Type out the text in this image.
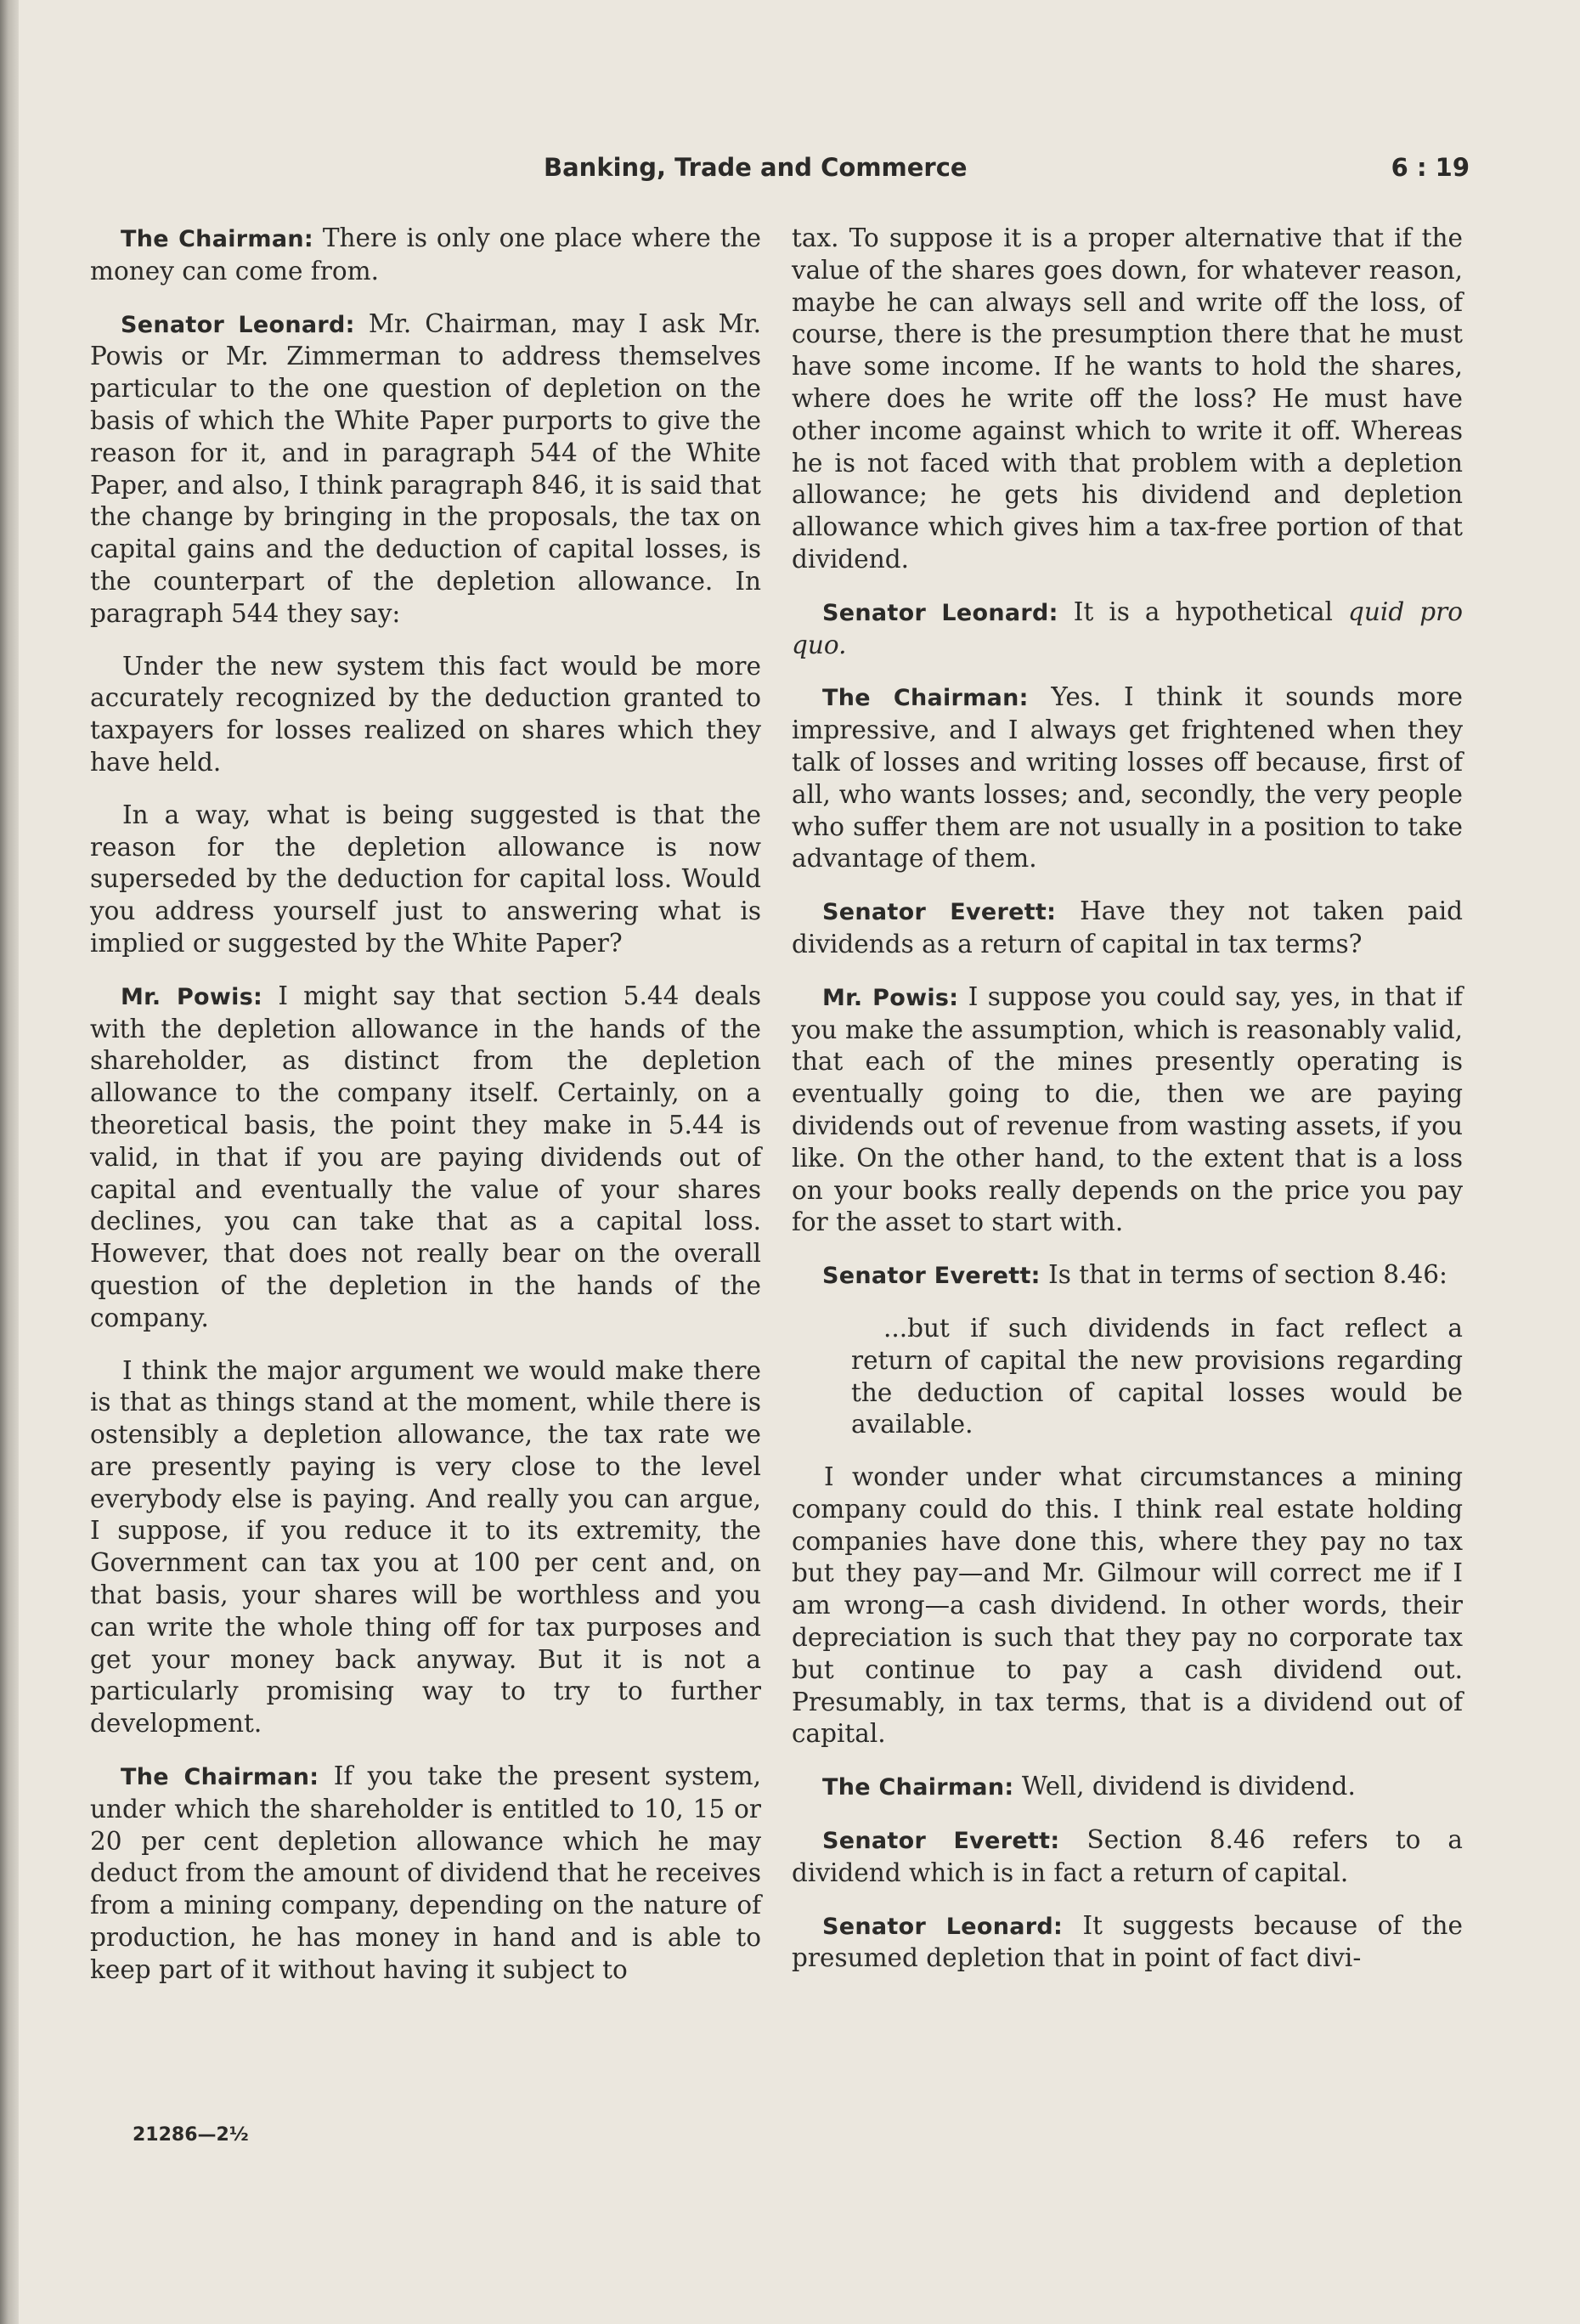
Banking, Trade and Commerce	6 : 19

The Chairman: There is only one place where the money can come from.

Senator Leonard: Mr. Chairman, may I ask Mr. Powis or Mr. Zimmerman to address themselves particular to the one question of depletion on the basis of which the White Paper purports to give the reason for it, and in paragraph 544 of the White Paper, and also, I think paragraph 846, it is said that the change by bringing in the proposals, the tax on capital gains and the deduction of capital losses, is the counterpart of the depletion allowance. In paragraph 544 they say:

Under the new system this fact would be more accurately recognized by the deduction granted to taxpayers for losses realized on shares which they have held.

In a way, what is being suggested is that the reason for the depletion allowance is now superseded by the deduction for capital loss. Would you address yourself just to answering what is implied or suggested by the White Paper?

Mr. Powis: I might say that section 5.44 deals with the depletion allowance in the hands of the shareholder, as distinct from the depletion allowance to the company itself. Certainly, on a theoretical basis, the point they make in 5.44 is valid, in that if you are paying dividends out of capital and eventually the value of your shares declines, you can take that as a capital loss. However, that does not really bear on the overall question of the depletion in the hands of the company.

I think the major argument we would make there is that as things stand at the moment, while there is ostensibly a depletion allowance, the tax rate we are presently paying is very close to the level everybody else is paying. And really you can argue, I suppose, if you reduce it to its extremity, the Government can tax you at 100 per cent and, on that basis, your shares will be worthless and you can write the whole thing off for tax purposes and get your money back anyway. But it is not a particularly promising way to try to further development.

The Chairman: If you take the present system, under which the shareholder is entitled to 10, 15 or 20 per cent depletion allowance which he may deduct from the amount of dividend that he receives from a mining company, depending on the nature of production, he has money in hand and is able to keep part of it without having it subject to

tax. To suppose it is a proper alternative that if the value of the shares goes down, for whatever reason, maybe he can always sell and write off the loss, of course, there is the presumption there that he must have some income. If he wants to hold the shares, where does he write off the loss? He must have other income against which to write it off. Whereas he is not faced with that problem with a depletion allowance; he gets his dividend and depletion allowance which gives him a tax-free portion of that dividend.

Senator Leonard: It is a hypothetical quid pro quo.

The Chairman: Yes. I think it sounds more impressive, and I always get frightened when they talk of losses and writing losses off because, first of all, who wants losses; and, secondly, the very people who suffer them are not usually in a position to take advantage of them.

Senator Everett: Have they not taken paid dividends as a return of capital in tax terms?

Mr. Powis: I suppose you could say, yes, in that if you make the assumption, which is reasonably valid, that each of the mines presently operating is eventually going to die, then we are paying dividends out of revenue from wasting assets, if you like. On the other hand, to the extent that is a loss on your books really depends on the price you pay for the asset to start with.

Senator Everett: Is that in terms of section 8.46:

...but if such dividends in fact reflect a return of capital the new provisions regarding the deduction of capital losses would be available.

I wonder under what circumstances a mining company could do this. I think real estate holding companies have done this, where they pay no tax but they pay—and Mr. Gilmour will correct me if I am wrong—a cash dividend. In other words, their depreciation is such that they pay no corporate tax but continue to pay a cash dividend out. Presumably, in tax terms, that is a dividend out of capital.

The Chairman: Well, dividend is dividend.

Senator Everett: Section 8.46 refers to a dividend which is in fact a return of capital.

Senator Leonard: It suggests because of the presumed depletion that in point of fact divi-

21286—2½
